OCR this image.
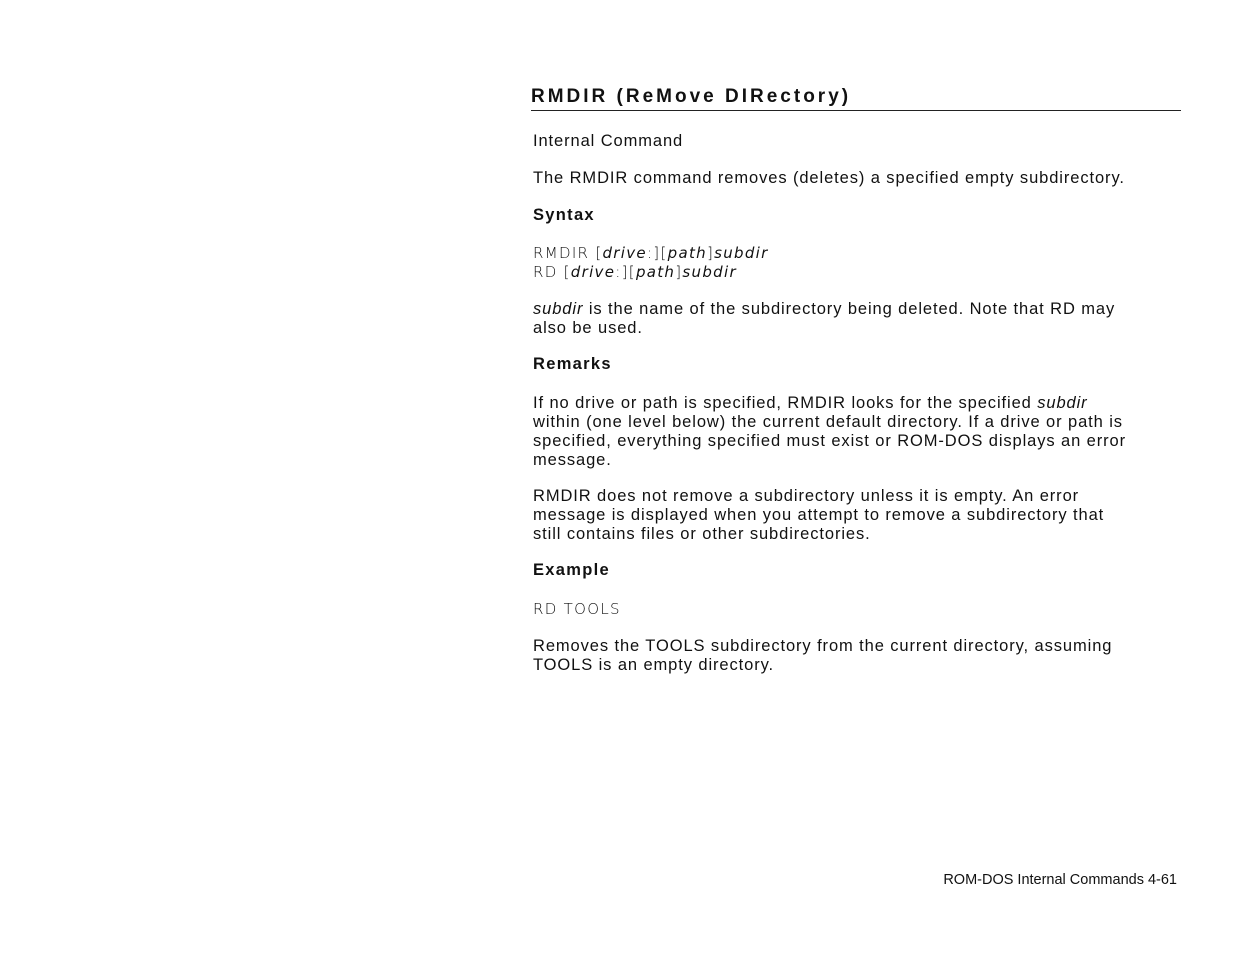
RMDIR (ReMove DIRectory)

Internal Command

The RMDIR command removes (deletes) a specified empty subdirectory.

Syntax
RMDIR [drive:][path]subdir
RD [drive:][path]subdir
subdir is the name of the subdirectory being deleted. Note that RD may
also be used.
Remarks
If no drive or path is specified, RMDIR looks for the specified subdir
within (one level below) the current default directory. If a drive or path is
specified, everything specified must exist or ROM-DOS displays an error
message.
RMDIR does not remove a subdirectory unless it is empty. An error
message is displayed when you attempt to remove a subdirectory that
still contains files or other subdirectories.
Example
RD TOOLS
Removes the TOOLS subdirectory from the current directory, assuming
TOOLS is an empty directory.
ROM-DOS Internal Commands 4-61
